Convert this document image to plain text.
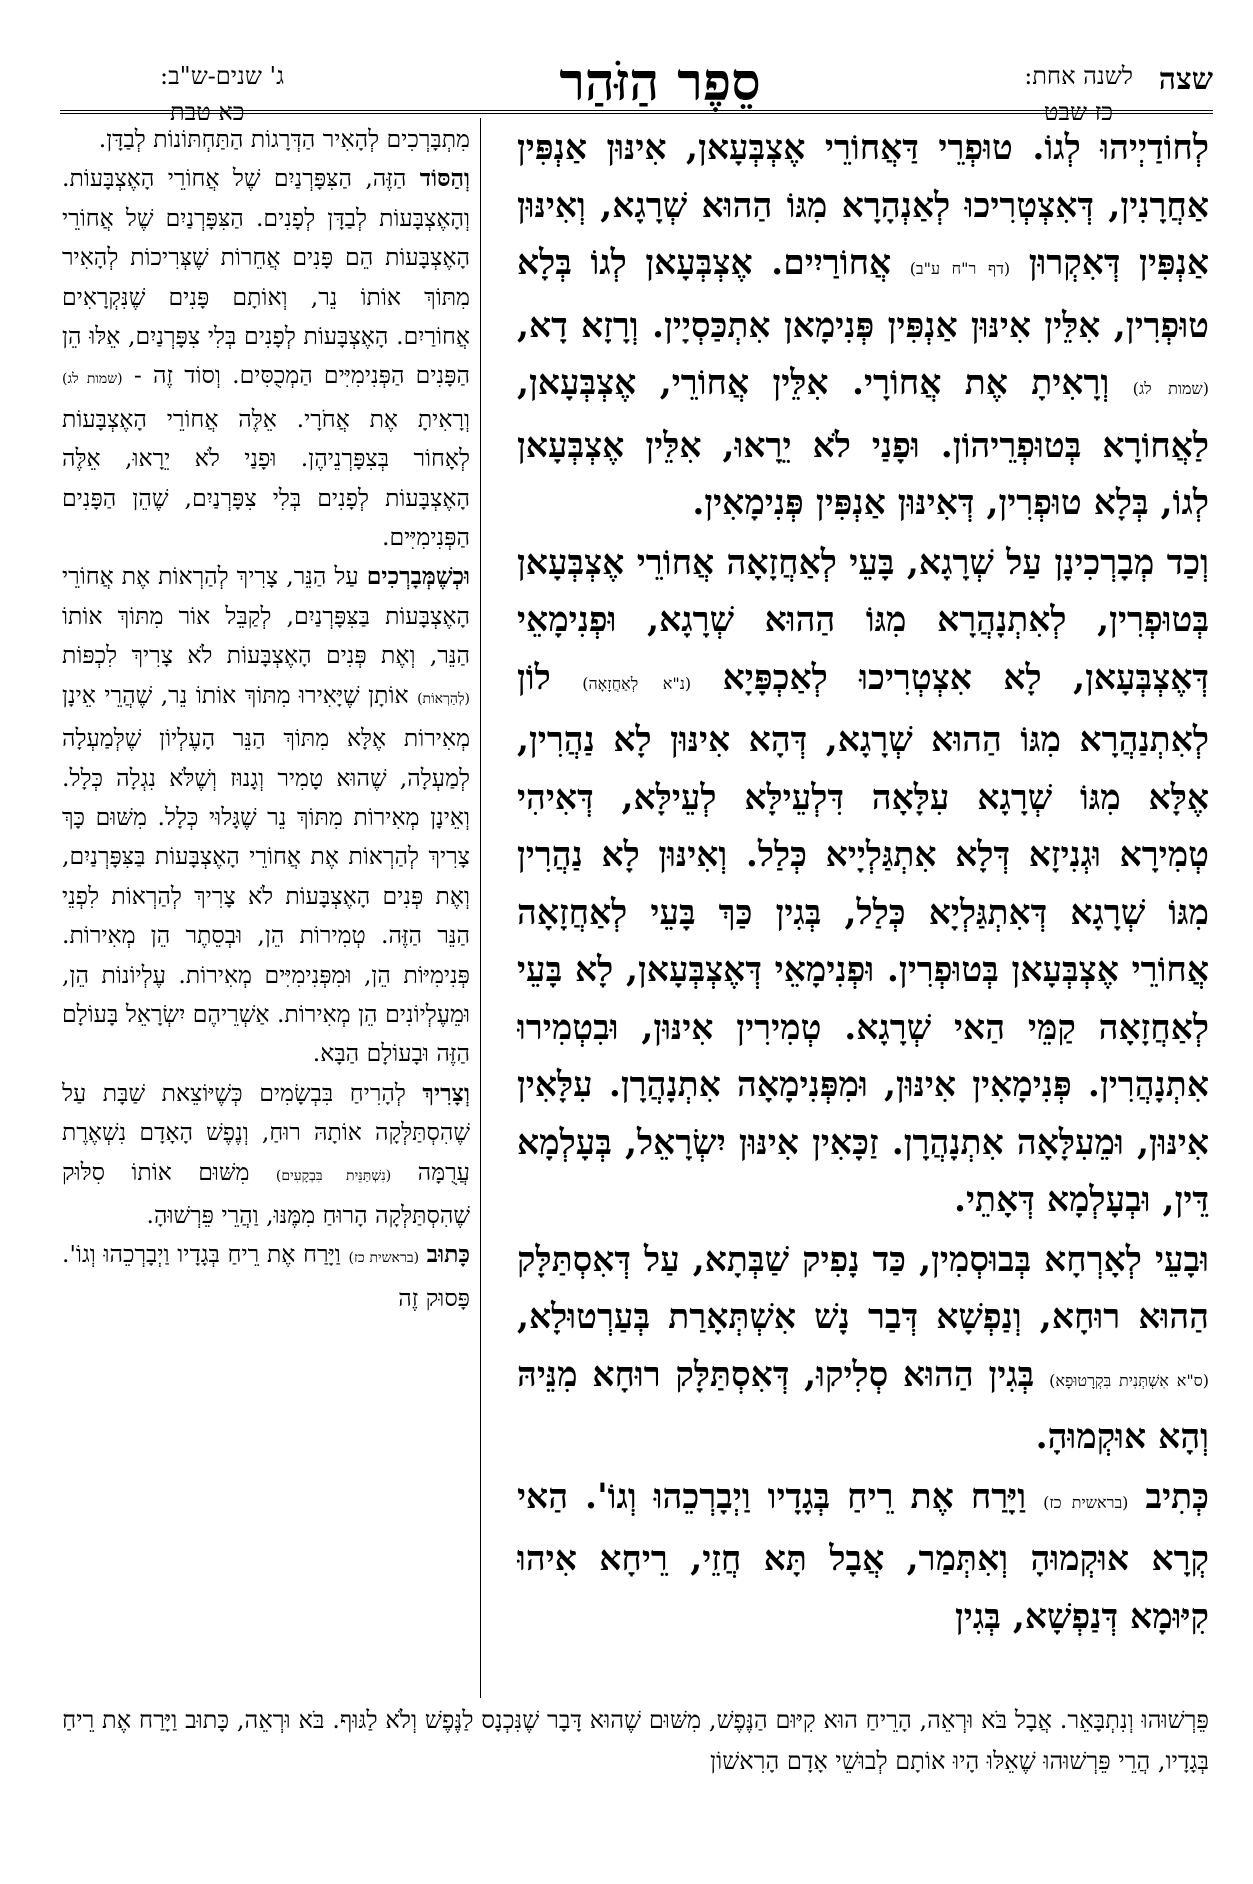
שצה
לשנה אחת:
כז שבט
סֵפֶר הַזֹּהַר
ג' שנים-ש"ב:
כא טבת

לְחוֹדַיְיהוּ לְגוֹ. טוּפְרֵי דַּאֲחוֹרֵי אֶצְבְּעָאן, אִינּוּן אַנְפִּין אַחֲרָנִין, דְּאִצְטְרִיכוּ לְאַנְהָרָא מִגּוֹ הַהוּא שְׁרָגָא, וְאִינּוּן אַנְפִּין דְּאִקְרוּן (דף ר"ח ע"ב) אֲחוֹרַיִים. אֶצְבְּעָאן לְגוֹ בְּלָא טוּפְרִין, אִלֵּין אִינּוּן אַנְפִּין פְּנִימָאן אִתְכַּסְיָין. וְרָזָא דָא, (שמות לג) וְרָאִיתָ אֶת אֲחוֹרָי. אִלֵּין אֲחוֹרֵי, אֶצְבְּעָאן, לַאֲחוֹרָא בְּטוּפְרֵיהוֹן. וּפָנַי לֹא יֵרָאוּ, אִלֵּין אֶצְבְּעָאן לְגוֹ, בְּלָא טוּפְרִין, דְּאִינּוּן אַנְפִּין פְּנִימָאִין.

וְכַד מְבָרְכִינָן עַל שְׁרָגָא, בָּעֵי לְאַחֲזָאָה אֲחוֹרֵי אֶצְבְּעָאן בְּטוּפְרִין, לְאִתְנָהֲרָא מִגּוֹ הַהוּא שְׁרָגָא, וּפְנִימָאֵי דְּאֶצְבְּעָאן, לָא אִצְטְרִיכוּ לְאַכְפָּיָא (נ"א לְאַחֲזָאָה) לוֹן לְאִתְנַהֲרָא מִגּוֹ הַהוּא שְׁרָגָא, דְּהָא אִינּוּן לָא נַהֲרִין, אֶלָּא מִגּוֹ שְׁרָגָא עִלָּאָה דִּלְעֵילָּא לְעֵילָּא, דְּאִיהִי טְמִירָא וּגְנִיזָא דְּלָא אִתְגַּלְיָיא כְּלַל. וְאִינּוּן לָא נַהֲרִין מִגּוֹ שְׁרָגָא דְּאִתְגַּלְיָא כְּלַל, בְּגִין כַּךְ בָּעֵי לְאַחֲזָאָה אֲחוֹרֵי אֶצְבְּעָאן בְּטוּפְרִין. וּפְנִימָאֵי דְּאֶצְבְּעָאן, לָא בָּעֵי לְאַחֲזָאָה קַמֵּי הַאי שְׁרָגָא. טְמִירִין אִינּוּן, וּבִטְמִירוּ אִתְנָהֲרִין. פְּנִימָאִין אִינּוּן, וּמִפְּנִימָאָה אִתְנָהֲרָן. עִלָּאִין אִינּוּן, וּמֵעִלָּאָה אִתְנָהֲרָן. זַכָּאִין אִינּוּן יִשְׂרָאֵל, בְּעָלְמָא דֵּין, וּבְעָלְמָא דְּאָתֵי.

וּבָעֵי לְאָרְחָא בְּבוּסְמִין, כַּד נָפִיק שַׁבְּתָא, עַל דְּאִסְתַּלָּק הַהוּא רוּחָא, וְנַפְשָׁא דְּבַר נָשׁ אִשְׁתְּאָרַת בְּעַרְטוּלָא, (ס"א אִשְׁתְּנִית בִּקְרָטוּפָא) בְּגִין הַהוּא סְלִיקוּ, דְּאִסְתַּלָּק רוּחָא מִנֵּיהּ וְהָא אוּקְמוּהָ.

כְּתִיב (בראשית כז) וַיָּרַח אֶת רֵיחַ בְּגָדָיו וַיְבָרְכֵהוּ וְגוֹ'. הַאי קְרָא אוּקְמוּהָ וְאִתְּמַר, אֲבָל תָּא חֲזֵי, רֵיחָא אִיהוּ קִיּוּמָא דְּנַפְשָׁא, בְּגִין

מִתְבָּרְכִים לְהָאִיר הַדְּרָגוֹת הַתַּחְתּוֹנוֹת לְבַדָּן.

וְהַסּוֹד הַזֶּה, הַצִּפָּרְנַיִם שֶׁל אֲחוֹרֵי הָאֶצְבָּעוֹת. וְהָאֶצְבָּעוֹת לְבַדָּן לְפָנִים. הַצִּפָּרְנַיִם שֶׁל אֲחוֹרֵי הָאֶצְבָּעוֹת הֵם פָּנִים אֲחֵרוֹת שֶׁצְּרִיכוֹת לְהָאִיר מִתּוֹךְ אוֹתוֹ נֵר, וְאוֹתָם פָּנִים שֶׁנִּקְרָאִים אֲחוֹרַיִם. הָאֶצְבָּעוֹת לְפָנִים בְּלִי צִפָּרְנַיִם, אֵלּוּ הֵן הַפָּנִים הַפְּנִימִיִּים הַמְכֻסִּים. וְסוֹד זֶה - (שמות לג) וְרָאִיתָ אֶת אֲחֹרָי. אֵלֶּה אֲחוֹרֵי הָאֶצְבָּעוֹת לְאָחוֹר בְּצִפָּרְנֵיהֶן. וּפָנַי לֹא יֵרָאוּ, אֵלֶּה הָאֶצְבָּעוֹת לְפָנִים בְּלִי צִפָּרְנַיִם, שֶׁהֵן הַפָּנִים הַפְּנִימִיִּים.

וּכְשֶׁמְּבָרְכִים עַל הַנֵּר, צָרִיךְ לְהַרְאוֹת אֶת אֲחוֹרֵי הָאֶצְבָּעוֹת בַּצִּפָּרְנַיִם, לְקַבֵּל אוֹר מִתּוֹךְ אוֹתוֹ הַנֵּר, וְאֶת פְּנִים הָאֶצְבָּעוֹת לֹא צָרִיךְ לִכְפּוֹת (לְהַרְאוֹת) אוֹתָן שֶׁיָּאִירוּ מִתּוֹךְ אוֹתוֹ נֵר, שֶׁהֲרֵי אֵינָן מְאִירוֹת אֶלָּא מִתּוֹךְ הַנֵּר הָעֶלְיוֹן שֶׁלְּמַעְלָה לְמַעְלָה, שֶׁהוּא טָמִיר וְגָנוּז וְשֶׁלֹּא נִגְלָה כְּלָל. וְאֵינָן מְאִירוֹת מִתּוֹךְ נֵר שֶׁגָּלוּי כְּלָל. מִשּׁוּם כָּךְ צָרִיךְ לְהַרְאוֹת אֶת אֲחוֹרֵי הָאֶצְבָּעוֹת בַּצִּפָּרְנַיִם, וְאֶת פְּנִים הָאֶצְבָּעוֹת לֹא צָרִיךְ לְהַרְאוֹת לִפְנֵי הַנֵּר הַזֶּה. טְמִירוֹת הֵן, וּבְסֵתֶר הֵן מְאִירוֹת. פְּנִימִיּוֹת הֵן, וּמִפְּנִימִיִּים מְאִירוֹת. עֶלְיוֹנוֹת הֵן, וּמֵעֶלְיוֹנִים הֵן מְאִירוֹת. אַשְׁרֵיהֶם יִשְׂרָאֵל בָּעוֹלָם הַזֶּה וּבָעוֹלָם הַבָּא.

וְצָרִיךְ לְהָרִיחַ בִּבְשָׂמִים כְּשֶׁיּוֹצֵאת שַׁבָּת עַל שֶׁהִסְתַּלְּקָה אוֹתָהּ רוּחַ, וְנֶפֶשׁ הָאָדָם נִשְׁאֶרֶת עֲרֻמָּה (נִשְׁתַּנֵּית בִּבְקָעִים) מִשּׁוּם אוֹתוֹ סִלּוּק שֶׁהִסְתַּלְּקָה הָרוּחַ מִמֶּנּוּ, וַהֲרֵי פֵּרְשׁוּהָ.

כָּתוּב (בראשית כז) וַיָּרַח אֶת רֵיחַ בְּגָדָיו וַיְבָרְכֵהוּ וְגוֹ'. פָּסוּק זֶה

פֵּרְשׁוּהוּ וְנִתְבָּאֵר. אֲבָל בֹּא וּרְאֵה, הָרֵיחַ הוּא קִיּוּם הַנֶּפֶשׁ, מִשּׁוּם שֶׁהוּא דָּבָר שֶׁנִּכְנָס לַנֶּפֶשׁ וְלֹא לַגּוּף. בֹּא וּרְאֵה, כָּתוּב וַיָּרַח אֶת רֵיחַ בְּגָדָיו, הֲרֵי פֵּרְשׁוּהוּ שֶׁאֵלּוּ הָיוּ אוֹתָם לְבוּשֵׁי אָדָם הָרִאשׁוֹן
